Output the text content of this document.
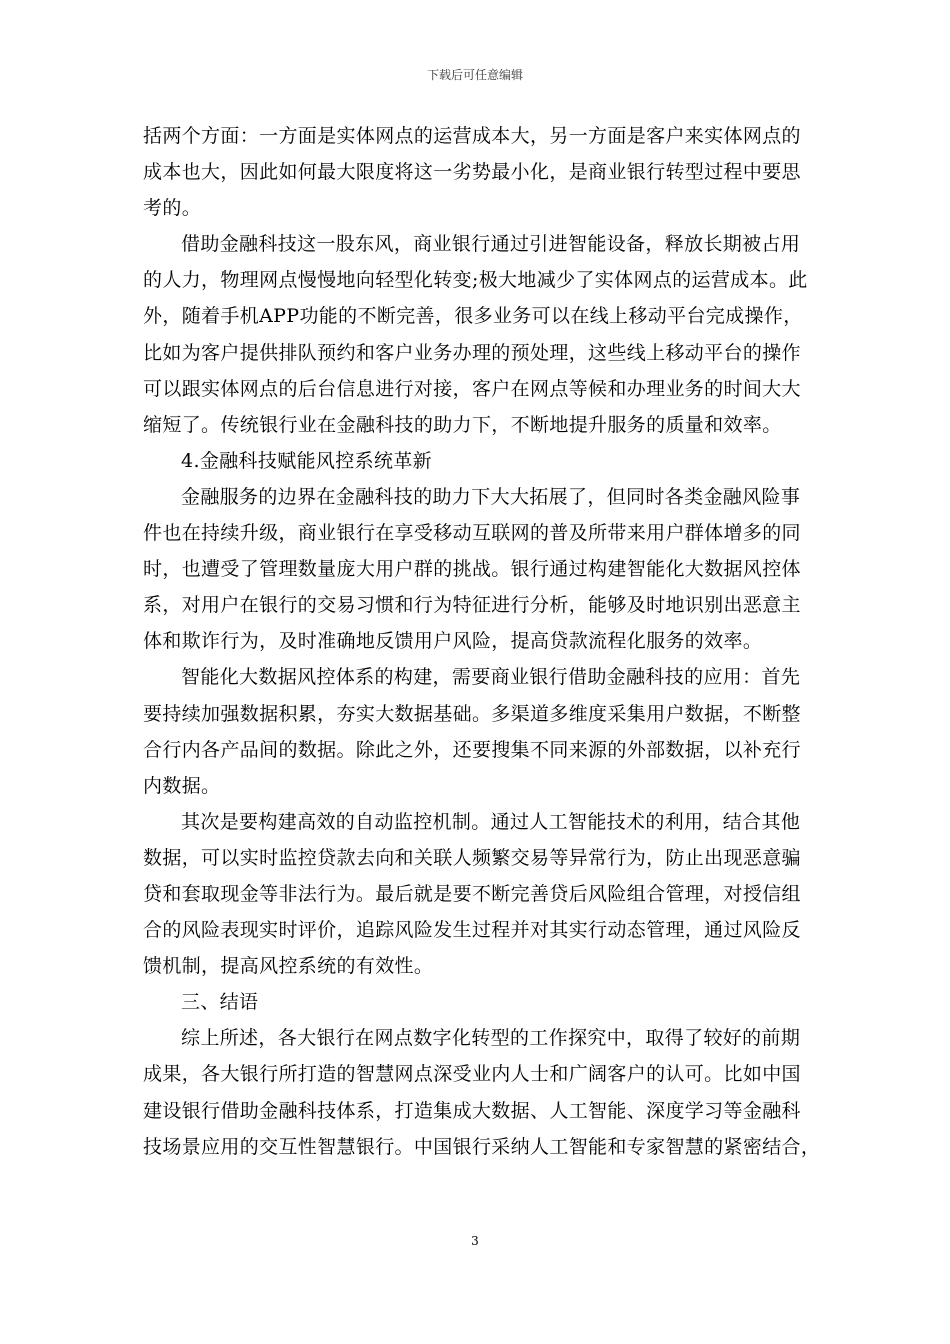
下载后可任意编辑

括两个方面：一方面是实体网点的运营成本大，另一方面是客户来实体网点的
成本也大，因此如何最大限度将这一劣势最小化，是商业银行转型过程中要思
考的。

借助金融科技这一股东风，商业银行通过引进智能设备，释放长期被占用
的人力，物理网点慢慢地向轻型化转变;极大地减少了实体网点的运营成本。此
外，随着手机APP功能的不断完善，很多业务可以在线上移动平台完成操作，
比如为客户提供排队预约和客户业务办理的预处理，这些线上移动平台的操作
可以跟实体网点的后台信息进行对接，客户在网点等候和办理业务的时间大大
缩短了。传统银行业在金融科技的助力下，不断地提升服务的质量和效率。

4.金融科技赋能风控系统革新

金融服务的边界在金融科技的助力下大大拓展了，但同时各类金融风险事
件也在持续升级，商业银行在享受移动互联网的普及所带来用户群体增多的同
时，也遭受了管理数量庞大用户群的挑战。银行通过构建智能化大数据风控体
系，对用户在银行的交易习惯和行为特征进行分析，能够及时地识别出恶意主
体和欺诈行为，及时准确地反馈用户风险，提高贷款流程化服务的效率。

智能化大数据风控体系的构建，需要商业银行借助金融科技的应用：首先
要持续加强数据积累，夯实大数据基础。多渠道多维度采集用户数据，不断整
合行内各产品间的数据。除此之外，还要搜集不同来源的外部数据，以补充行
内数据。

其次是要构建高效的自动监控机制。通过人工智能技术的利用，结合其他
数据，可以实时监控贷款去向和关联人频繁交易等异常行为，防止出现恶意骗
贷和套取现金等非法行为。最后就是要不断完善贷后风险组合管理，对授信组
合的风险表现实时评价，追踪风险发生过程并对其实行动态管理，通过风险反
馈机制，提高风控系统的有效性。

三、结语

综上所述，各大银行在网点数字化转型的工作探究中，取得了较好的前期
成果，各大银行所打造的智慧网点深受业内人士和广阔客户的认可。比如中国
建设银行借助金融科技体系，打造集成大数据、人工智能、深度学习等金融科
技场景应用的交互性智慧银行。中国银行采纳人工智能和专家智慧的紧密结合，

3
